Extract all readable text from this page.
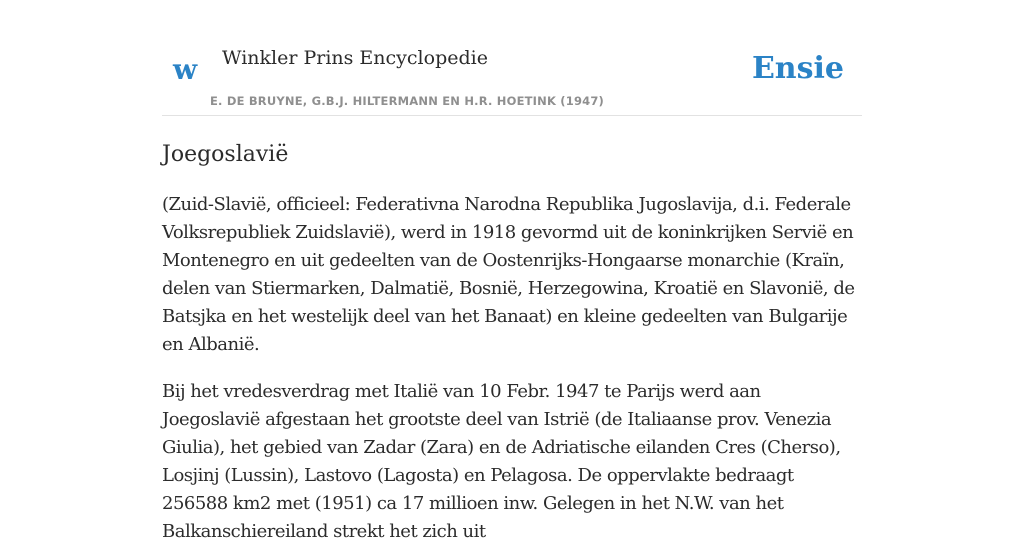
w Winkler Prins Encyclopedie
E. DE BRUYNE, G.B.J. HILTERMANN EN H.R. HOETINK (1947)
Ensie
Joegoslavië

(Zuid-Slavië, officieel: Federativna Narodna Republika Jugoslavija, d.i. Federale Volksrepubliek Zuidslavië), werd in 1918 gevormd uit de koninkrijken Servië en Montenegro en uit gedeelten van de Oostenrijks-Hongaarse monarchie (Kraïn, delen van Stiermarken, Dalmatië, Bosnië, Herzegowina, Kroatië en Slavonië, de Batsjka en het westelijk deel van het Banaat) en kleine gedeelten van Bulgarije en Albanië.

Bij het vredesverdrag met Italië van 10 Febr. 1947 te Parijs werd aan Joegoslavië afgestaan het grootste deel van Istrië (de Italiaanse prov. Venezia Giulia), het gebied van Zadar (Zara) en de Adriatische eilanden Cres (Cherso), Losjinj (Lussin), Lastovo (Lagosta) en Pelagosa. De oppervlakte bedraagt 256588 km2 met (1951) ca 17 millioen inw. Gelegen in het N.W. van het Balkanschiereiland strekt het zich uit
